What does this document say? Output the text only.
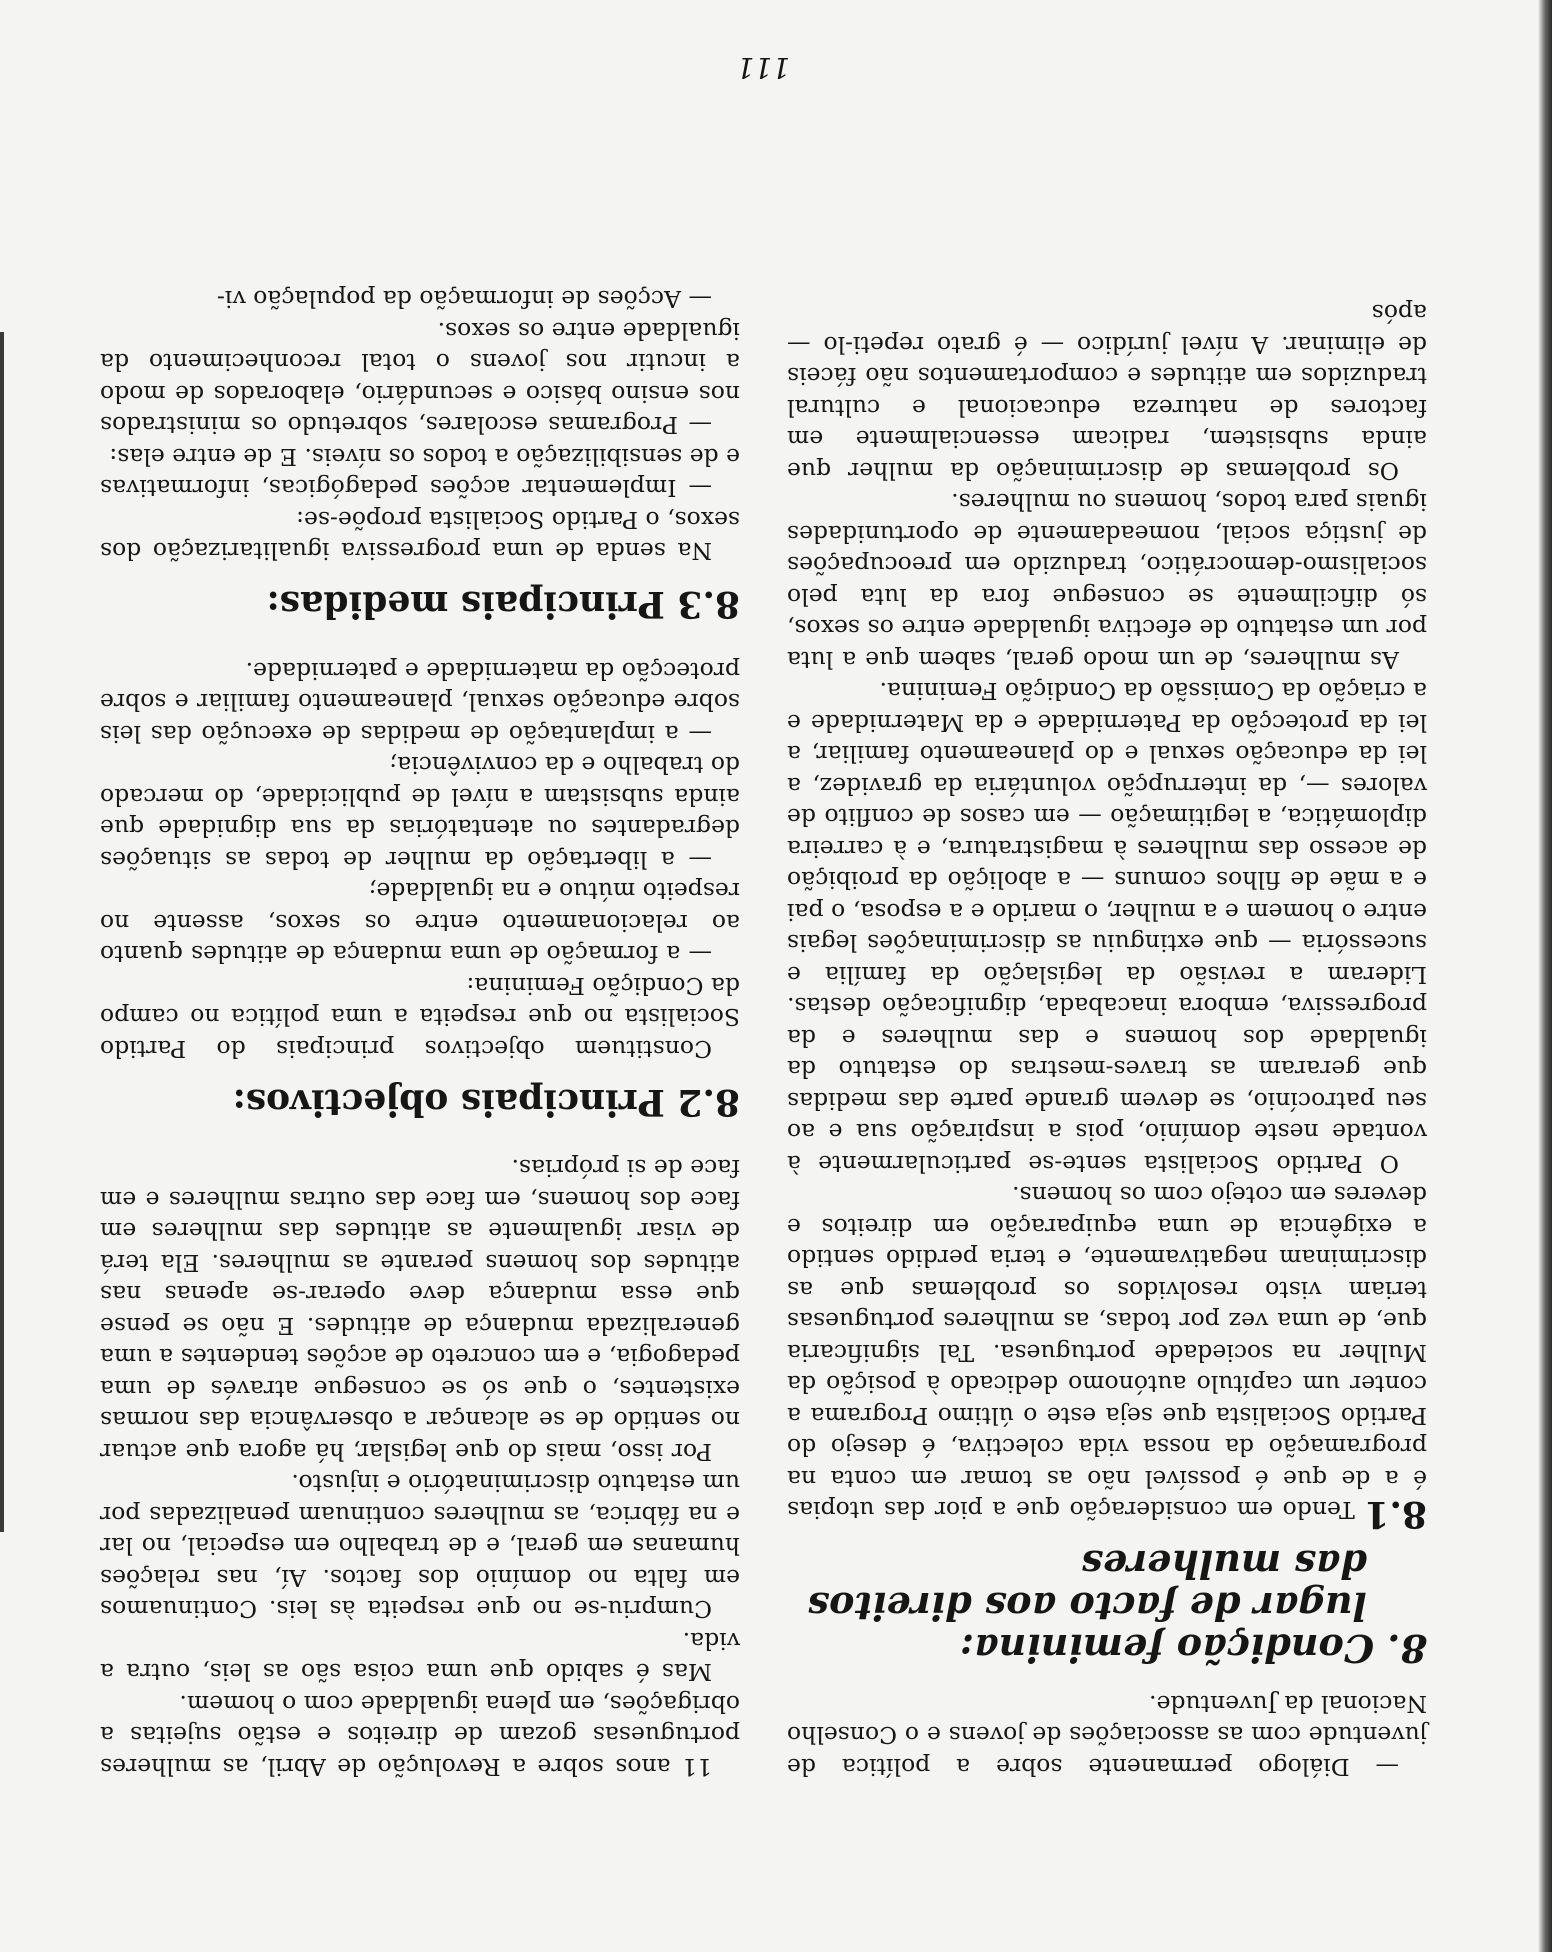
111

— Diálogo permanente sobre a política de juventude com as associações de jovens e o Conselho Nacional da Juventude.

8. Condição feminina:
lugar de facto aos direitos das mulheres

8.1 Tendo em consideração que a pior das utopias é a de que é possível não as tomar em conta na programação da nossa vida colectiva, é desejo do Partido Socialista que seja este o último Programa a conter um capítulo autónomo dedicado à posição da Mulher na sociedade portuguesa. Tal significaria que, de uma vez por todas, as mulheres portuguesas teriam visto resolvidos os problemas que as discriminam negativamente, e teria perdido sentido a exigência de uma equiparação em direitos e deveres em cotejo com os homens.

O Partido Socialista sente-se particularmente à vontade neste domínio, pois a inspiração sua e ao seu patrocínio, se devem grande parte das medidas que geraram as traves-mestras do estatuto da igualdade dos homens e das mulheres e da progressiva, embora inacabada, dignificação destas. Lideram a revisão da legislação da família e sucessória — que extinguiu as discriminações legais entre o homem e a mulher, o marido e a esposa, o pai e a mãe de filhos comuns — a abolição da proibição de acesso das mulheres à magistratura, e à carreira diplomática, a legitimação — em casos de conflito de valores —, da interrupção voluntária da gravidez, a lei da educação sexual e do planeamento familiar, a lei da protecção da Paternidade e da Maternidade e a criação da Comissão da Condição Feminina.

As mulheres, de um modo geral, sabem que a luta por um estatuto de efectiva igualdade entre os sexos, só dificilmente se consegue fora da luta pelo socialismo-democrático, traduzido em preocupações de justiça social, nomeadamente de oportunidades iguais para todos, homens ou mulheres.

Os problemas de discriminação da mulher que ainda subsistem, radicam essencialmente em factores de natureza educacional e cultural traduzidos em atitudes e comportamentos não fáceis de eliminar. A nível jurídico — é grato repeti-lo — após

11 anos sobre a Revolução de Abril, as mulheres portuguesas gozam de direitos e estão sujeitas a obrigações, em plena igualdade com o homem.

Mas é sabido que uma coisa são as leis, outra a vida.

Cumpriu-se no que respeita às leis. Continuamos em falta no domínio dos factos. Aí, nas relações humanas em geral, e de trabalho em especial, no lar e na fábrica, as mulheres continuam penalizadas por um estatuto discriminatório e injusto.

Por isso, mais do que legislar, há agora que actuar no sentido de se alcançar a observância das normas existentes, o que só se consegue através de uma pedagogia, e em concreto de acções tendentes a uma generalizada mudança de atitudes. E não se pense que essa mudança deve operar-se apenas nas atitudes dos homens perante as mulheres. Ela terá de visar igualmente as atitudes das mulheres em face dos homens, em face das outras mulheres e em face de si próprias.

8.2 Principais objectivos:

Constituem objectivos principais do Partido Socialista no que respeita a uma política no campo da Condição Feminina:

— a formação de uma mudança de atitudes quanto ao relacionamento entre os sexos, assente no respeito mútuo e na igualdade;

— a libertação da mulher de todas as situações degradantes ou atentatórias da sua dignidade que ainda subsistam a nível de publicidade, do mercado do trabalho e da convivência;

— a implantação de medidas de execução das leis sobre educação sexual, planeamento familiar e sobre protecção da maternidade e paternidade.

8.3 Principais medidas:

Na senda de uma progressiva igualitarização dos sexos, o Partido Socialista propõe-se:

— Implementar acções pedagógicas, informativas e de sensibilização a todos os níveis. E de entre elas:

— Programas escolares, sobretudo os ministrados nos ensino básico e secundário, elaborados de modo a incutir nos jovens o total reconhecimento da igualdade entre os sexos.

— Acções de informação da população vi-
